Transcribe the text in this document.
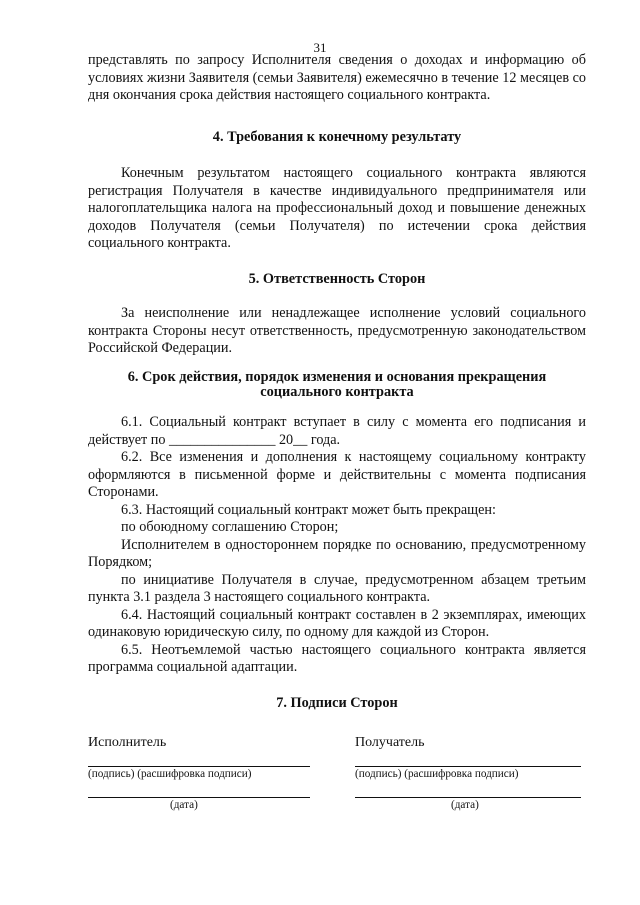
31
представлять по запросу Исполнителя сведения о доходах и информацию об условиях жизни Заявителя (семьи Заявителя) ежемесячно в течение 12 месяцев со дня окончания срока действия настоящего социального контракта.
4. Требования к конечному результату
Конечным результатом настоящего социального контракта являются регистрация Получателя в качестве индивидуального предпринимателя или налогоплательщика налога на профессиональный доход и повышение денежных доходов Получателя (семьи Получателя) по истечении срока действия социального контракта.
5. Ответственность Сторон
За неисполнение или ненадлежащее исполнение условий социального контракта Стороны несут ответственность, предусмотренную законодательством Российской Федерации.
6. Срок действия, порядок изменения и основания прекращения
социального контракта

6.1. Социальный контракт вступает в силу с момента его подписания и действует по _______________ 20__ года.

6.2. Все изменения и дополнения к настоящему социальному контракту оформляются в письменной форме и действительны с момента подписания Сторонами.

6.3. Настоящий социальный контракт может быть прекращен:

по обоюдному соглашению Сторон;

Исполнителем в одностороннем порядке по основанию, предусмотренному Порядком;

по инициативе Получателя в случае, предусмотренном абзацем третьим пункта 3.1 раздела 3 настоящего социального контракта.

6.4. Настоящий социальный контракт составлен в 2 экземплярах, имеющих одинаковую юридическую силу, по одному для каждой из Сторон.

6.5. Неотъемлемой частью настоящего социального контракта является программа социальной адаптации.

7. Подписи Сторон
Исполнитель
(подпись) (расшифровка подписи)
(дата)
Получатель
(подпись) (расшифровка подписи)
(дата)
